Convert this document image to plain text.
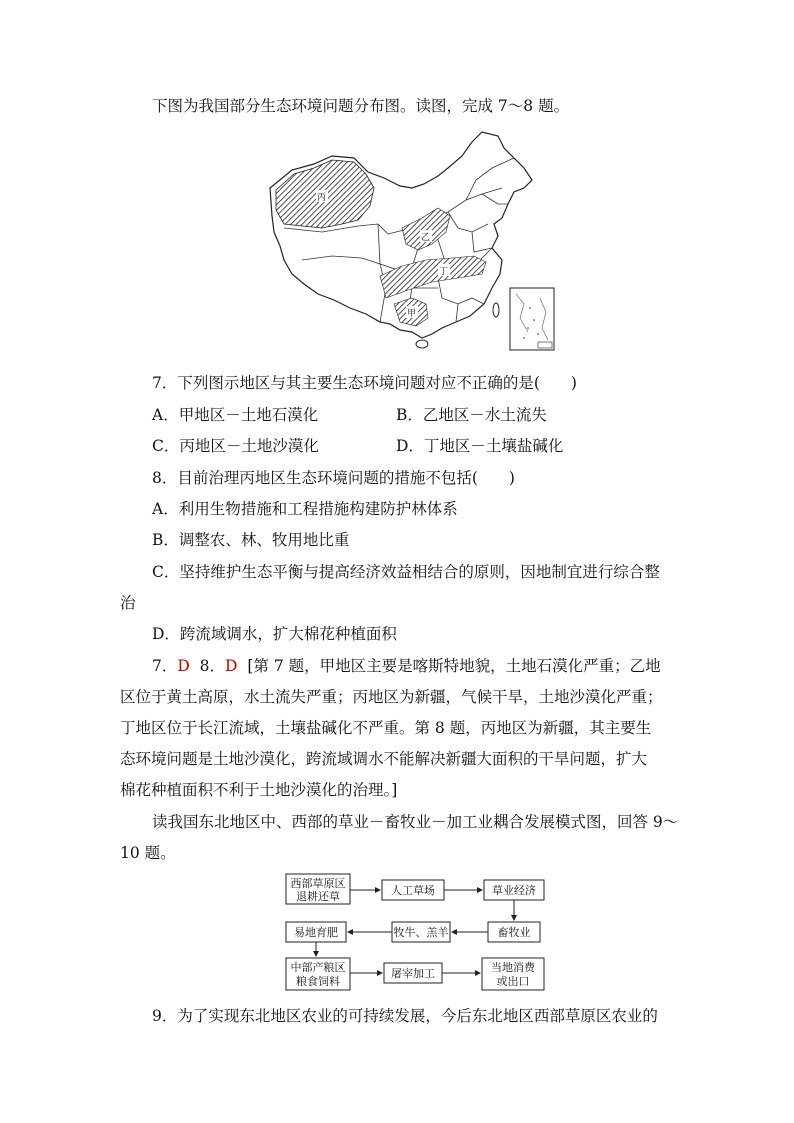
下图为我国部分生态环境问题分布图。读图，完成 7～8 题。
丙
乙
丁
甲
7．下列图示地区与其主要生态环境问题对应不正确的是(　　)
A．甲地区－土地石漠化	B．乙地区－水土流失
C．丙地区－土地沙漠化	D．丁地区－土壤盐碱化
8．目前治理丙地区生态环境问题的措施不包括(　　)
A．利用生物措施和工程措施构建防护林体系
B．调整农、林、牧用地比重
C．坚持维护生态平衡与提高经济效益相结合的原则，因地制宜进行综合整
治
D．跨流域调水，扩大棉花种植面积
7．D 8．D [第 7 题，甲地区主要是喀斯特地貌，土地石漠化严重；乙地
区位于黄土高原，水土流失严重；丙地区为新疆，气候干旱，土地沙漠化严重；
丁地区位于长江流域，土壤盐碱化不严重。第 8 题，丙地区为新疆，其主要生
态环境问题是土地沙漠化，跨流域调水不能解决新疆大面积的干旱问题，扩大
棉花种植面积不利于土地沙漠化的治理。]
读我国东北地区中、西部的草业－畜牧业－加工业耦合发展模式图，回答 9～
10 题。
西部草原区
退耕还草	人工草场	草业经济
畜牧业
牧牛、羔羊
易地育肥
中部产粮区
粮食饲料
屠宰加工	当地消费
或出口
9．为了实现东北地区农业的可持续发展，今后东北地区西部草原区农业的
